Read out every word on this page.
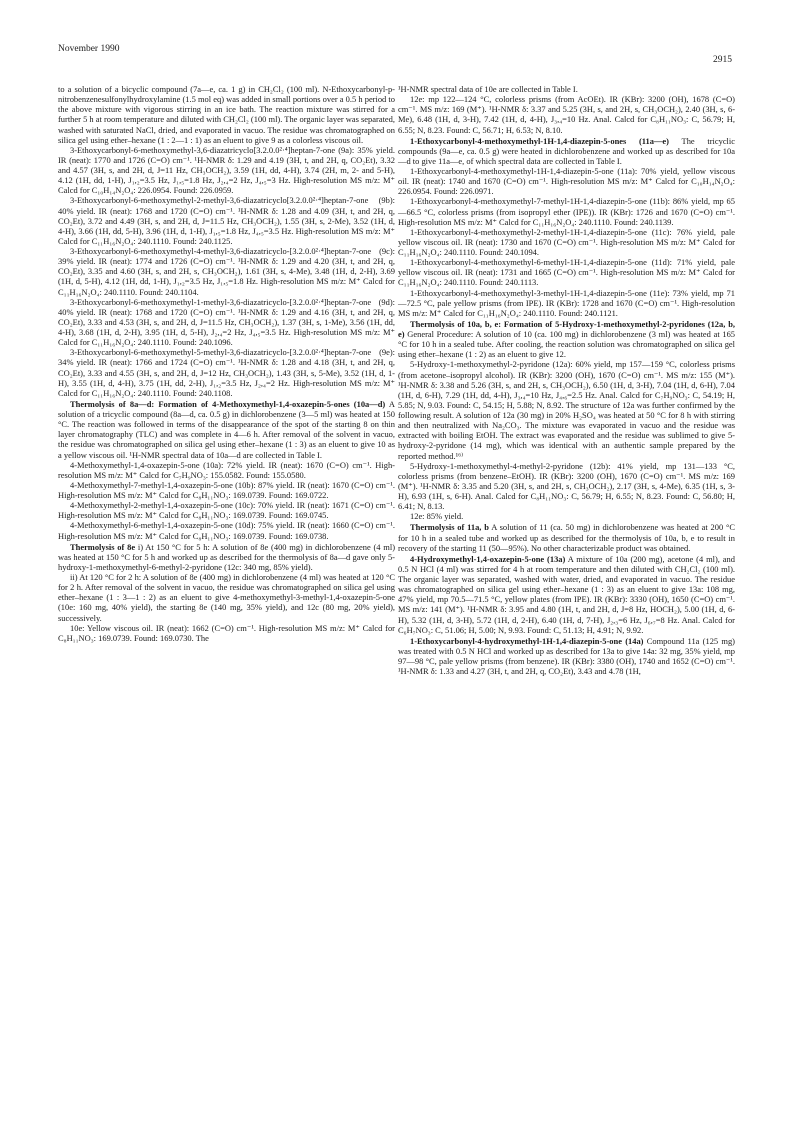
November 1990
2915

to a solution of a bicyclic compound (7a—e, ca. 1 g) in CH₂Cl₂ (100 ml). N-Ethoxycarbonyl-p-nitrobenzenesulfonylhydroxylamine (1.5 mol eq) was added in small portions over a 0.5 h period to the above mixture with vigorous stirring in an ice bath. The reaction mixture was stirred for a further 5 h at room temperature and diluted with CH₂Cl₂ (100 ml). The organic layer was separated, washed with saturated NaCl, dried, and evaporated in vacuo. The residue was chromatographed on silica gel using ether–hexane (1 : 2—1 : 1) as an eluent to give 9 as a colorless viscous oil.

3-Ethoxycarbonyl-6-methoxymethyl-3,6-diazatricyclo[3.2.0.0²·⁴]heptan-7-one (9a): 35% yield. IR (neat): 1770 and 1726 (C=O) cm⁻¹. ¹H-NMR δ: 1.29 and 4.19 (3H, t, and 2H, q, CO₂Et), 3.32 and 4.57 (3H, s, and 2H, d, J=11 Hz, CH₃OCH₂), 3.59 (1H, dd, 4-H), 3.74 (2H, m, 2- and 5-H), 4.12 (1H, dd, 1-H), J₁,₂=3.5 Hz, J₁,₅=1.8 Hz, J₂,₄=2 Hz, J₄,₅=3 Hz. High-resolution MS m/z: M⁺ Calcd for C₁₀H₁₄N₂O₄: 226.0954. Found: 226.0959.

3-Ethoxycarbonyl-6-methoxymethyl-2-methyl-3,6-diazatricyclo[3.2.0.0²·⁴]heptan-7-one (9b): 40% yield. IR (neat): 1768 and 1720 (C=O) cm⁻¹. ¹H-NMR δ: 1.28 and 4.09 (3H, t, and 2H, q, CO₂Et), 3.72 and 4.49 (3H, s, and 2H, d, J=11.5 Hz, CH₃OCH₂), 1.55 (3H, s, 2-Me), 3.52 (1H, d, 4-H), 3.66 (1H, dd, 5-H), 3.96 (1H, d, 1-H), J₁,₅=1.8 Hz, J₄,₅=3.5 Hz. High-resolution MS m/z: M⁺ Calcd for C₁₁H₁₆N₂O₄: 240.1110. Found: 240.1125.

3-Ethoxycarbonyl-6-methoxymethyl-4-methyl-3,6-diazatricyclo-[3.2.0.0²·⁴]heptan-7-one (9c): 39% yield. IR (neat): 1774 and 1726 (C=O) cm⁻¹. ¹H-NMR δ: 1.29 and 4.20 (3H, t, and 2H, q, CO₂Et), 3.35 and 4.60 (3H, s, and 2H, s, CH₃OCH₂), 1.61 (3H, s, 4-Me), 3.48 (1H, d, 2-H), 3.69 (1H, d, 5-H), 4.12 (1H, dd, 1-H), J₁,₂=3.5 Hz, J₁,₅=1.8 Hz. High-resolution MS m/z: M⁺ Calcd for C₁₁H₁₆N₂O₄: 240.1110. Found: 240.1104.

3-Ethoxycarbonyl-6-methoxymethyl-1-methyl-3,6-diazatricyclo-[3.2.0.0²·⁴]heptan-7-one (9d): 40% yield. IR (neat): 1768 and 1720 (C=O) cm⁻¹. ¹H-NMR δ: 1.29 and 4.16 (3H, t, and 2H, q, CO₂Et), 3.33 and 4.53 (3H, s, and 2H, d, J=11.5 Hz, CH₃OCH₂), 1.37 (3H, s, 1-Me), 3.56 (1H, dd, 4-H), 3.68 (1H, d, 2-H), 3.95 (1H, d, 5-H), J₂,₄=2 Hz, J₄,₅=3.5 Hz. High-resolution MS m/z: M⁺ Calcd for C₁₁H₁₆N₂O₄: 240.1110. Found: 240.1096.

3-Ethoxycarbonyl-6-methoxymethyl-5-methyl-3,6-diazatricyclo-[3.2.0.0²·⁴]heptan-7-one (9e): 34% yield. IR (neat): 1766 and 1724 (C=O) cm⁻¹. ¹H-NMR δ: 1.28 and 4.18 (3H, t, and 2H, q, CO₂Et), 3.33 and 4.55 (3H, s, and 2H, d, J=12 Hz, CH₃OCH₂), 1.43 (3H, s, 5-Me), 3.52 (1H, d, 1-H), 3.55 (1H, d, 4-H), 3.75 (1H, dd, 2-H), J₁,₂=3.5 Hz, J₂,₄=2 Hz. High-resolution MS m/z: M⁺ Calcd for C₁₁H₁₆N₂O₄: 240.1110. Found: 240.1108.

Thermolysis of 8a—d: Formation of 4-Methoxymethyl-1,4-oxazepin-5-ones (10a—d) A solution of a tricyclic compound (8a—d, ca. 0.5 g) in dichlorobenzene (3—5 ml) was heated at 150 °C. The reaction was followed in terms of the disappearance of the spot of the starting 8 on thin layer chromatography (TLC) and was complete in 4—6 h. After removal of the solvent in vacuo, the residue was chromatographed on silica gel using ether–hexane (1 : 3) as an eluent to give 10 as a yellow viscous oil. ¹H-NMR spectral data of 10a—d are collected in Table I.

4-Methoxymethyl-1,4-oxazepin-5-one (10a): 72% yield. IR (neat): 1670 (C=O) cm⁻¹. High-resolution MS m/z: M⁺ Calcd for C₇H₉NO₃: 155.0582. Found: 155.0580.

4-Methoxymethyl-7-methyl-1,4-oxazepin-5-one (10b): 87% yield. IR (neat): 1670 (C=O) cm⁻¹. High-resolution MS m/z: M⁺ Calcd for C₈H₁₁NO₃: 169.0739. Found: 169.0722.

4-Methoxymethyl-2-methyl-1,4-oxazepin-5-one (10c): 70% yield. IR (neat): 1671 (C=O) cm⁻¹. High-resolution MS m/z: M⁺ Calcd for C₈H₁₁NO₃: 169.0739. Found: 169.0745.

4-Methoxymethyl-6-methyl-1,4-oxazepin-5-one (10d): 75% yield. IR (neat): 1660 (C=O) cm⁻¹. High-resolution MS m/z: M⁺ Calcd for C₈H₁₁NO₃: 169.0739. Found: 169.0738.

Thermolysis of 8e i) At 150 °C for 5 h: A solution of 8e (400 mg) in dichlorobenzene (4 ml) was heated at 150 °C for 5 h and worked up as described for the thermolysis of 8a—d gave only 5-hydroxy-1-methoxymethyl-6-methyl-2-pyridone (12c: 340 mg, 85% yield).

ii) At 120 °C for 2 h: A solution of 8e (400 mg) in dichlorobenzene (4 ml) was heated at 120 °C for 2 h. After removal of the solvent in vacuo, the residue was chromatographed on silica gel using ether–hexane (1 : 3—1 : 2) as an eluent to give 4-methoxymethyl-3-methyl-1,4-oxazepin-5-one (10e: 160 mg, 40% yield), the starting 8e (140 mg, 35% yield), and 12c (80 mg, 20% yield), successively.

10e: Yellow viscous oil. IR (neat): 1662 (C=O) cm⁻¹. High-resolution MS m/z: M⁺ Calcd for C₈H₁₁NO₃: 169.0739. Found: 169.0730. The

¹H-NMR spectral data of 10e are collected in Table I.

12e: mp 122—124 °C, colorless prisms (from AcOEt). IR (KBr): 3200 (OH), 1678 (C=O) cm⁻¹. MS m/z: 169 (M⁺). ¹H-NMR δ: 3.37 and 5.25 (3H, s, and 2H, s, CH₃OCH₂), 2.40 (3H, s, 6-Me), 6.48 (1H, d, 3-H), 7.42 (1H, d, 4-H), J₃,₄=10 Hz. Anal. Calcd for C₈H₁₁NO₃: C, 56.79; H, 6.55; N, 8.23. Found: C, 56.71; H, 6.53; N, 8.10.

1-Ethoxycarbonyl-4-methoxymethyl-1H-1,4-diazepin-5-ones (11a—e) The tricyclic compounds (9a—e, ca. 0.5 g) were heated in dichlorobenzene and worked up as described for 10a—d to give 11a—e, of which spectral data are collected in Table I.

1-Ethoxycarbonyl-4-methoxymethyl-1H-1,4-diazepin-5-one (11a): 70% yield, yellow viscous oil. IR (neat): 1740 and 1670 (C=O) cm⁻¹. High-resolution MS m/z: M⁺ Calcd for C₁₀H₁₄N₂O₄: 226.0954. Found: 226.0971.

1-Ethoxycarbonyl-4-methoxymethyl-7-methyl-1H-1,4-diazepin-5-one (11b): 86% yield, mp 65—66.5 °C, colorless prisms (from isopropyl ether (IPE)). IR (KBr): 1726 and 1670 (C=O) cm⁻¹. High-resolution MS m/z: M⁺ Calcd for C₁₁H₁₆N₂O₄: 240.1110. Found: 240.1139.

1-Ethoxycarbonyl-4-methoxymethyl-2-methyl-1H-1,4-diazepin-5-one (11c): 76% yield, pale yellow viscous oil. IR (neat): 1730 and 1670 (C=O) cm⁻¹. High-resolution MS m/z: M⁺ Calcd for C₁₁H₁₆N₂O₄: 240.1110. Found: 240.1094.

1-Ethoxycarbonyl-4-methoxymethyl-6-methyl-1H-1,4-diazepin-5-one (11d): 71% yield, pale yellow viscous oil. IR (neat): 1731 and 1665 (C=O) cm⁻¹. High-resolution MS m/z: M⁺ Calcd for C₁₁H₁₆N₂O₄: 240.1110. Found: 240.1113.

1-Ethoxycarbonyl-4-methoxymethyl-3-methyl-1H-1,4-diazepin-5-one (11e): 73% yield, mp 71—72.5 °C, pale yellow prisms (from IPE). IR (KBr): 1728 and 1670 (C=O) cm⁻¹. High-resolution MS m/z: M⁺ Calcd for C₁₁H₁₆N₂O₄: 240.1110. Found: 240.1121.

Thermolysis of 10a, b, e: Formation of 5-Hydroxy-1-methoxymethyl-2-pyridones (12a, b, e) General Procedure: A solution of 10 (ca. 100 mg) in dichlorobenzene (3 ml) was heated at 165 °C for 10 h in a sealed tube. After cooling, the reaction solution was chromatographed on silica gel using ether–hexane (1 : 2) as an eluent to give 12.

5-Hydroxy-1-methoxymethyl-2-pyridone (12a): 60% yield, mp 157—159 °C, colorless prisms (from acetone–isopropyl alcohol). IR (KBr): 3200 (OH), 1670 (C=O) cm⁻¹. MS m/z: 155 (M⁺). ¹H-NMR δ: 3.38 and 5.26 (3H, s, and 2H, s, CH₃OCH₂), 6.50 (1H, d, 3-H), 7.04 (1H, d, 6-H), 7.04 (1H, d, 6-H), 7.29 (1H, dd, 4-H), J₃,₄=10 Hz, J₄,₆=2.5 Hz. Anal. Calcd for C₇H₉NO₃: C, 54.19; H, 5.85; N, 9.03. Found: C, 54.15; H, 5.88; N, 8.92. The structure of 12a was further confirmed by the following result. A solution of 12a (30 mg) in 20% H₂SO₄ was heated at 50 °C for 8 h with stirring and then neutralized with Na₂CO₃. The mixture was evaporated in vacuo and the residue was extracted with boiling EtOH. The extract was evaporated and the residue was sublimed to give 5-hydroxy-2-pyridone (14 mg), which was identical with an authentic sample prepared by the reported method.¹⁶⁾

5-Hydroxy-1-methoxymethyl-4-methyl-2-pyridone (12b): 41% yield, mp 131—133 °C, colorless prisms (from benzene–EtOH). IR (KBr): 3200 (OH), 1670 (C=O) cm⁻¹. MS m/z: 169 (M⁺). ¹H-NMR δ: 3.35 and 5.20 (3H, s, and 2H, s, CH₃OCH₂), 2.17 (3H, s, 4-Me), 6.35 (1H, s, 3-H), 6.93 (1H, s, 6-H). Anal. Calcd for C₈H₁₁NO₃: C, 56.79; H, 6.55; N, 8.23. Found: C, 56.80; H, 6.41; N, 8.13.

12e: 85% yield.

Thermolysis of 11a, b A solution of 11 (ca. 50 mg) in dichlorobenzene was heated at 200 °C for 10 h in a sealed tube and worked up as described for the thermolysis of 10a, b, e to result in recovery of the starting 11 (50—95%). No other characterizable product was obtained.

4-Hydroxymethyl-1,4-oxazepin-5-one (13a) A mixture of 10a (200 mg), acetone (4 ml), and 0.5 N HCl (4 ml) was stirred for 4 h at room temperature and then diluted with CH₂Cl₂ (100 ml). The organic layer was separated, washed with water, dried, and evaporated in vacuo. The residue was chromatographed on silica gel using ether–hexane (1 : 3) as an eluent to give 13a: 108 mg, 47% yield, mp 70.5—71.5 °C, yellow plates (from IPE). IR (KBr): 3330 (OH), 1650 (C=O) cm⁻¹. MS m/z: 141 (M⁺). ¹H-NMR δ: 3.95 and 4.80 (1H, t, and 2H, d, J=8 Hz, HOCH₂), 5.00 (1H, d, 6-H), 5.32 (1H, d, 3-H), 5.72 (1H, d, 2-H), 6.40 (1H, d, 7-H), J₂,₃=6 Hz, J₆,₇=8 Hz. Anal. Calcd for C₆H₇NO₃: C, 51.06; H, 5.00; N, 9.93. Found: C, 51.13; H, 4.91; N, 9.92.

1-Ethoxycarbonyl-4-hydroxymethyl-1H-1,4-diazepin-5-one (14a) Compound 11a (125 mg) was treated with 0.5 N HCl and worked up as described for 13a to give 14a: 32 mg, 35% yield, mp 97—98 °C, pale yellow prisms (from benzene). IR (KBr): 3380 (OH), 1740 and 1652 (C=O) cm⁻¹. ¹H-NMR δ: 1.33 and 4.27 (3H, t, and 2H, q, CO₂Et), 3.43 and 4.78 (1H,
